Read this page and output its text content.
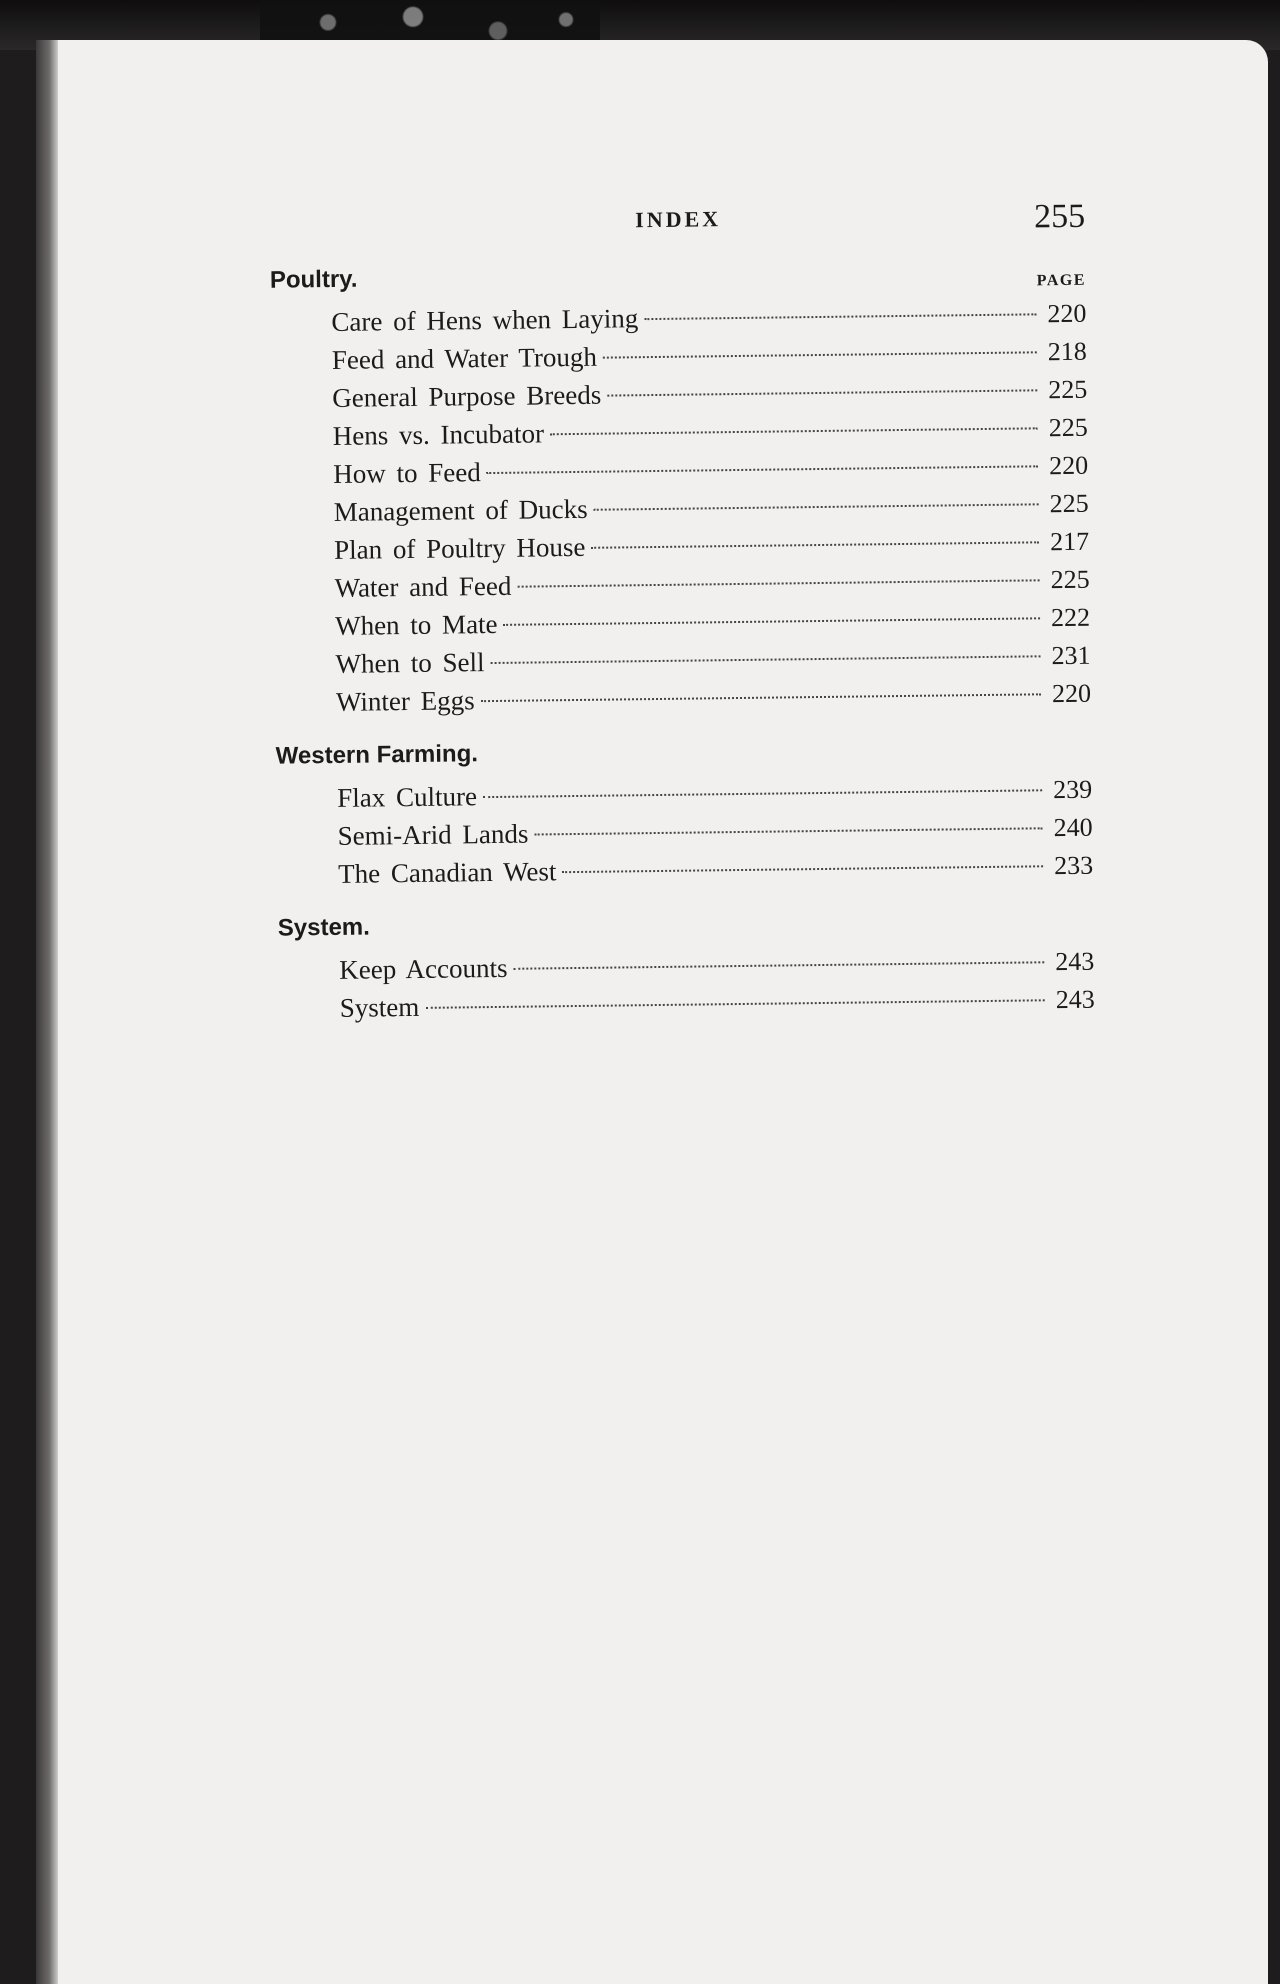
INDEX	255
Poultry.	PAGE
Care of Hens when Laying	220
Feed and Water Trough	218
General Purpose Breeds	225
Hens vs. Incubator	225
How to Feed	220
Management of Ducks	225
Plan of Poultry House	217
Water and Feed	225
When to Mate	222
When to Sell	231
Winter Eggs	220
Western Farming.
Flax Culture	239
Semi-Arid Lands	240
The Canadian West	233
System.
Keep Accounts	243
System	243
